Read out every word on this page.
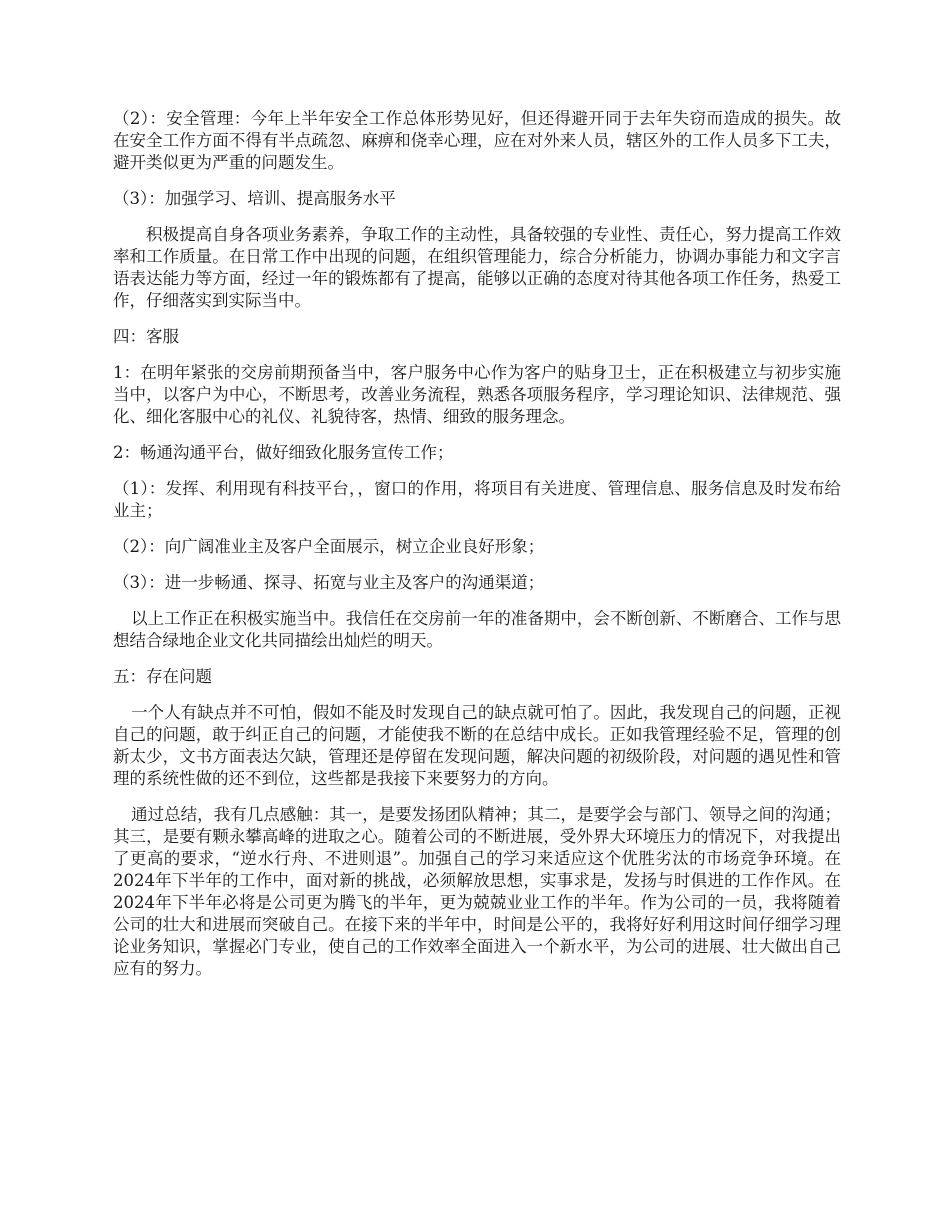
（2）：安全管理：今年上半年安全工作总体形势见好，但还得避开同于去年失窃而造成的损失。故在安全工作方面不得有半点疏忽、麻痹和侥幸心理，应在对外来人员，辖区外的工作人员多下工夫，避开类似更为严重的问题发生。

（3）：加强学习、培训、提高服务水平

积极提高自身各项业务素养，争取工作的主动性，具备较强的专业性、责任心，努力提高工作效率和工作质量。在日常工作中出现的问题，在组织管理能力，综合分析能力，协调办事能力和文字言语表达能力等方面，经过一年的锻炼都有了提高，能够以正确的态度对待其他各项工作任务，热爱工作，仔细落实到实际当中。

四：客服

1：在明年紧张的交房前期预备当中，客户服务中心作为客户的贴身卫士，正在积极建立与初步实施当中，以客户为中心，不断思考，改善业务流程，熟悉各项服务程序，学习理论知识、法律规范、强化、细化客服中心的礼仪、礼貌待客，热情、细致的服务理念。

2：畅通沟通平台，做好细致化服务宣传工作；

（1）：发挥、利用现有科技平台，，窗口的作用，将项目有关进度、管理信息、服务信息及时发布给业主；

（2）：向广阔准业主及客户全面展示，树立企业良好形象；

（3）：进一步畅通、探寻、拓宽与业主及客户的沟通渠道；

以上工作正在积极实施当中。我信任在交房前一年的准备期中，会不断创新、不断磨合、工作与思想结合绿地企业文化共同描绘出灿烂的明天。

五：存在问题

一个人有缺点并不可怕，假如不能及时发现自己的缺点就可怕了。因此，我发现自己的问题，正视自己的问题，敢于纠正自己的问题，才能使我不断的在总结中成长。正如我管理经验不足，管理的创新太少，文书方面表达欠缺，管理还是停留在发现问题，解决问题的初级阶段，对问题的遇见性和管理的系统性做的还不到位，这些都是我接下来要努力的方向。

通过总结，我有几点感触：其一，是要发扬团队精神；其二，是要学会与部门、领导之间的沟通；其三，是要有颗永攀高峰的进取之心。随着公司的不断进展，受外界大环境压力的情况下，对我提出了更高的要求，“逆水行舟、不进则退”。加强自己的学习来适应这个优胜劣汰的市场竞争环境。在2024年下半年的工作中，面对新的挑战，必须解放思想，实事求是，发扬与时俱进的工作作风。在2024年下半年必将是公司更为腾飞的半年，更为兢兢业业工作的半年。作为公司的一员，我将随着公司的壮大和进展而突破自己。在接下来的半年中，时间是公平的，我将好好利用这时间仔细学习理论业务知识，掌握必门专业，使自己的工作效率全面进入一个新水平，为公司的进展、壮大做出自己应有的努力。
